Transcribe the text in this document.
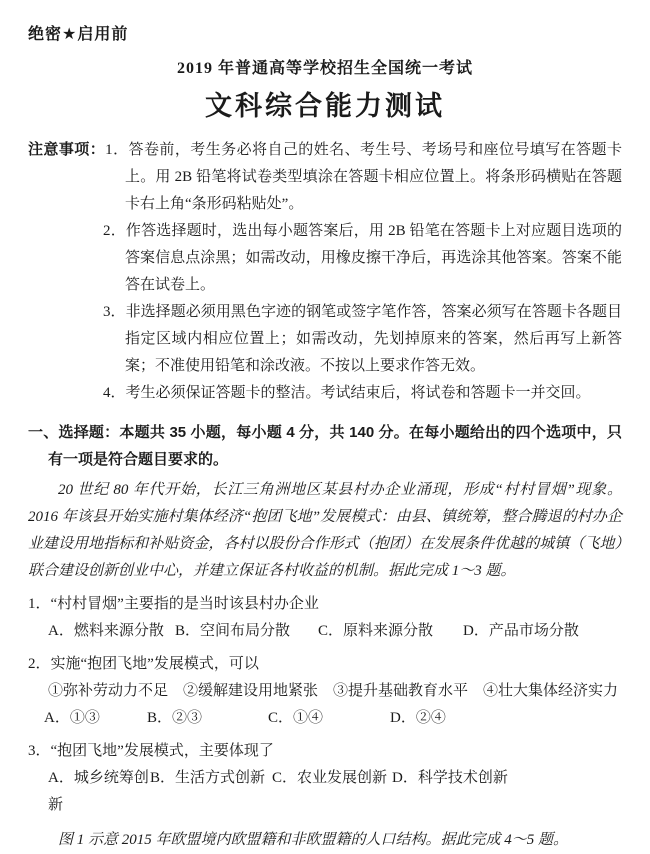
绝密★启用前
2019 年普通高等学校招生全国统一考试
文科综合能力测试

注意事项：1．答卷前，考生务必将自己的姓名、考生号、考场号和座位号填写在答题卡上。用 2B 铅笔将试卷类型填涂在答题卡相应位置上。将条形码横贴在答题卡右上角“条形码粘贴处”。

2．作答选择题时，选出每小题答案后，用 2B 铅笔在答题卡上对应题目选项的答案信息点涂黑；如需改动，用橡皮擦干净后，再选涂其他答案。答案不能答在试卷上。

3．非选择题必须用黑色字迹的钢笔或签字笔作答，答案必须写在答题卡各题目指定区域内相应位置上；如需改动，先划掉原来的答案，然后再写上新答案；不准使用铅笔和涂改液。不按以上要求作答无效。

4．考生必须保证答题卡的整洁。考试结束后，将试卷和答题卡一并交回。

一、选择题：本题共 35 小题，每小题 4 分，共 140 分。在每小题给出的四个选项中，只有一项是符合题目要求的。

20 世纪 80 年代开始，长江三角洲地区某县村办企业涌现，形成“村村冒烟”现象。2016 年该县开始实施村集体经济“抱团飞地”发展模式：由县、镇统筹，整合腾退的村办企业建设用地指标和补贴资金，各村以股份合作形式（抱团）在发展条件优越的城镇（飞地）联合建设创新创业中心，并建立保证各村收益的机制。据此完成 1～3 题。

1．“村村冒烟”主要指的是当时该县村办企业

A．燃料来源分散 B．空间布局分散	C．原料来源分散	D．产品市场分散

2．实施“抱团飞地”发展模式，可以

①弥补劳动力不足　②缓解建设用地紧张　③提升基础教育水平　④壮大集体经济实力

A．①③	B．②③	C．①④	D．②④

3．“抱团飞地”发展模式，主要体现了

A．城乡统筹创新
B．生活方式创新 C．农业发展创新 D．科学技术创新

图 1 示意 2015 年欧盟境内欧盟籍和非欧盟籍的人口结构。据此完成 4～5 题。
